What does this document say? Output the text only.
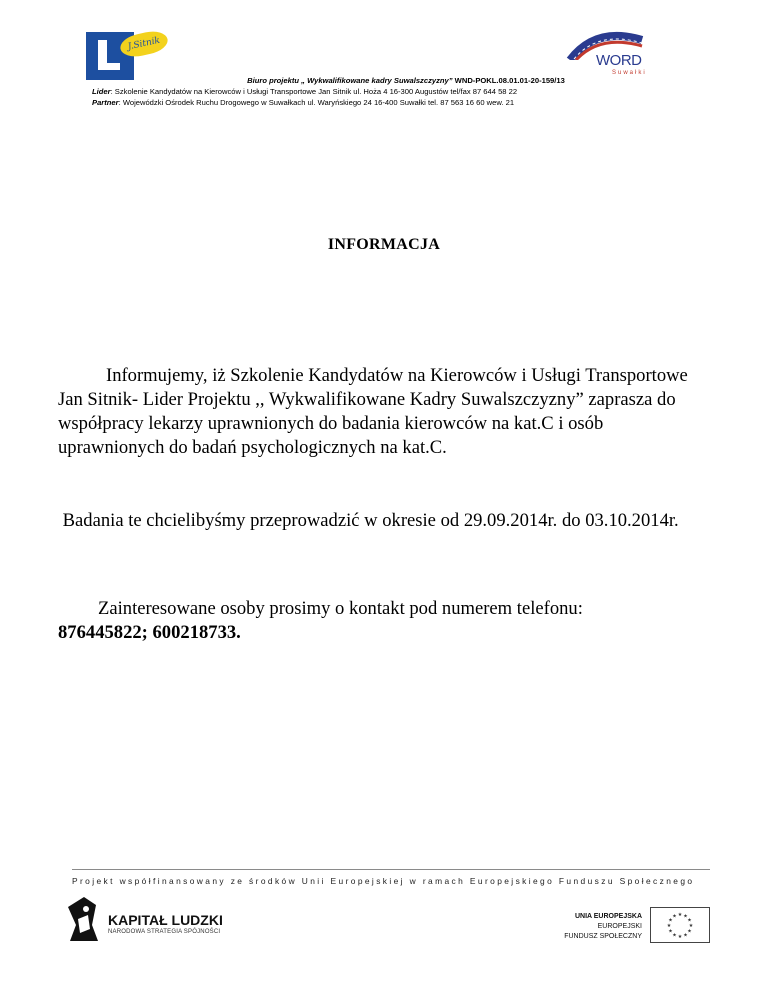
J.Sitnik
WORD
Suwałki
Biuro projektu „ Wykwalifikowane kadry Suwalszczyzny” WND-POKL.08.01.01-20-159/13
Lider: Szkolenie Kandydatów na Kierowców i Usługi Transportowe Jan Sitnik ul. Hoża 4 16-300 Augustów tel/fax 87 644 58 22
Partner: Wojewódzki Ośrodek Ruchu Drogowego w Suwałkach ul. Waryńskiego 24 16-400 Suwałki tel. 87 563 16 60 wew. 21
INFORMACJA
Informujemy, iż Szkolenie Kandydatów na Kierowców i Usługi Transportowe Jan Sitnik- Lider Projektu ,, Wykwalifikowane Kadry Suwalszczyzny” zaprasza do współpracy lekarzy uprawnionych do badania kierowców na kat.C i osób uprawnionych do badań psychologicznych na kat.C.
Badania te chcielibyśmy przeprowadzić w okresie od 29.09.2014r. do 03.10.2014r.
Zainteresowane osoby prosimy o kontakt pod numerem telefonu:
876445822; 600218733.
Projekt współfinansowany ze środków Unii Europejskiej w ramach Europejskiego Funduszu Społecznego
KAPITAŁ LUDZKI
NARODOWA STRATEGIA SPÓJNOŚCI
UNIA EUROPEJSKA
EUROPEJSKI
FUNDUSZ SPOŁECZNY
★ ★
★
★
★
★
★
★
★
★
★
★
